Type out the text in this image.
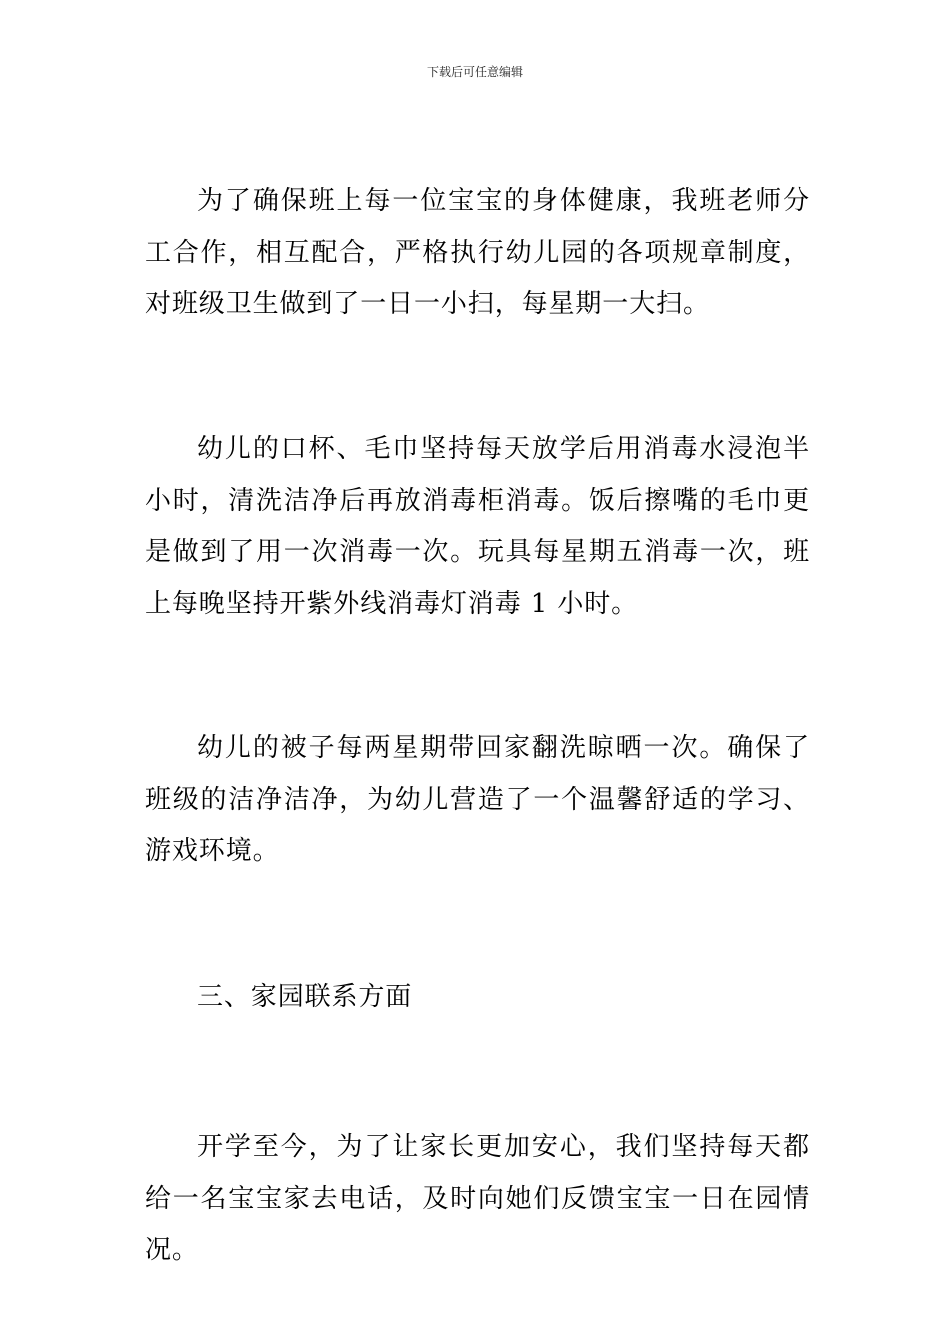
下载后可任意编辑

为了确保班上每一位宝宝的身体健康，我班老师分工合作，相互配合，严格执行幼儿园的各项规章制度，对班级卫生做到了一日一小扫，每星期一大扫。

幼儿的口杯、毛巾坚持每天放学后用消毒水浸泡半小时，清洗洁净后再放消毒柜消毒。饭后擦嘴的毛巾更是做到了用一次消毒一次。玩具每星期五消毒一次，班上每晚坚持开紫外线消毒灯消毒 1 小时。

幼儿的被子每两星期带回家翻洗晾晒一次。确保了班级的洁净洁净，为幼儿营造了一个温馨舒适的学习、游戏环境。

三、家园联系方面

开学至今，为了让家长更加安心，我们坚持每天都给一名宝宝家去电话，及时向她们反馈宝宝一日在园情况。
